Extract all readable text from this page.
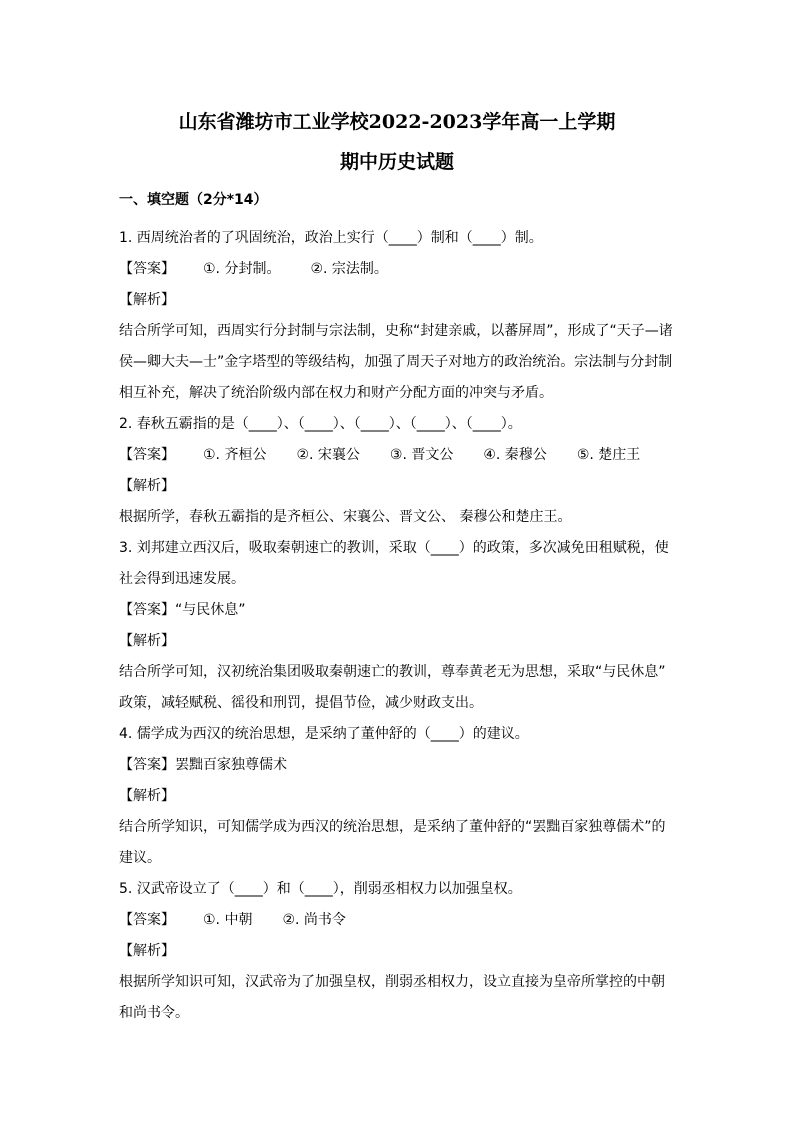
山东省潍坊市工业学校2022-2023学年高一上学期
期中历史试题
一、填空题（2分*14）
1. 西周统治者的了巩固统治，政治上实行（____）制和（____）制。
【答案】 ①. 分封制。 ②. 宗法制。
【解析】
结合所学可知，西周实行分封制与宗法制，史称“封建亲戚，以蕃屏周”，形成了“天子—诸
侯—卿大夫—士”金字塔型的等级结构，加强了周天子对地方的政治统治。宗法制与分封制
相互补充，解决了统治阶级内部在权力和财产分配方面的冲突与矛盾。
2. 春秋五霸指的是（____）、（____）、（____）、（____）、（____）。
【答案】 ①. 齐桓公 ②. 宋襄公 ③. 晋文公 ④. 秦穆公 ⑤. 楚庄王
【解析】
根据所学，春秋五霸指的是齐桓公、宋襄公、晋文公、 秦穆公和楚庄王。
3. 刘邦建立西汉后，吸取秦朝速亡的教训，采取（____）的政策，多次减免田租赋税，使
社会得到迅速发展。
【答案】“与民休息”
【解析】
结合所学可知，汉初统治集团吸取秦朝速亡的教训，尊奉黄老无为思想，采取“与民休息”
政策，减轻赋税、徭役和刑罚，提倡节俭，减少财政支出。
4. 儒学成为西汉的统治思想，是采纳了董仲舒的（____）的建议。
【答案】罢黜百家独尊儒术
【解析】
结合所学知识，可知儒学成为西汉的统治思想，是采纳了董仲舒的“罢黜百家独尊儒术”的
建议。
5. 汉武帝设立了（____）和（____），削弱丞相权力以加强皇权。
【答案】 ①. 中朝 ②. 尚书令
【解析】
根据所学知识可知，汉武帝为了加强皇权，削弱丞相权力，设立直接为皇帝所掌控的中朝
和尚书令。
